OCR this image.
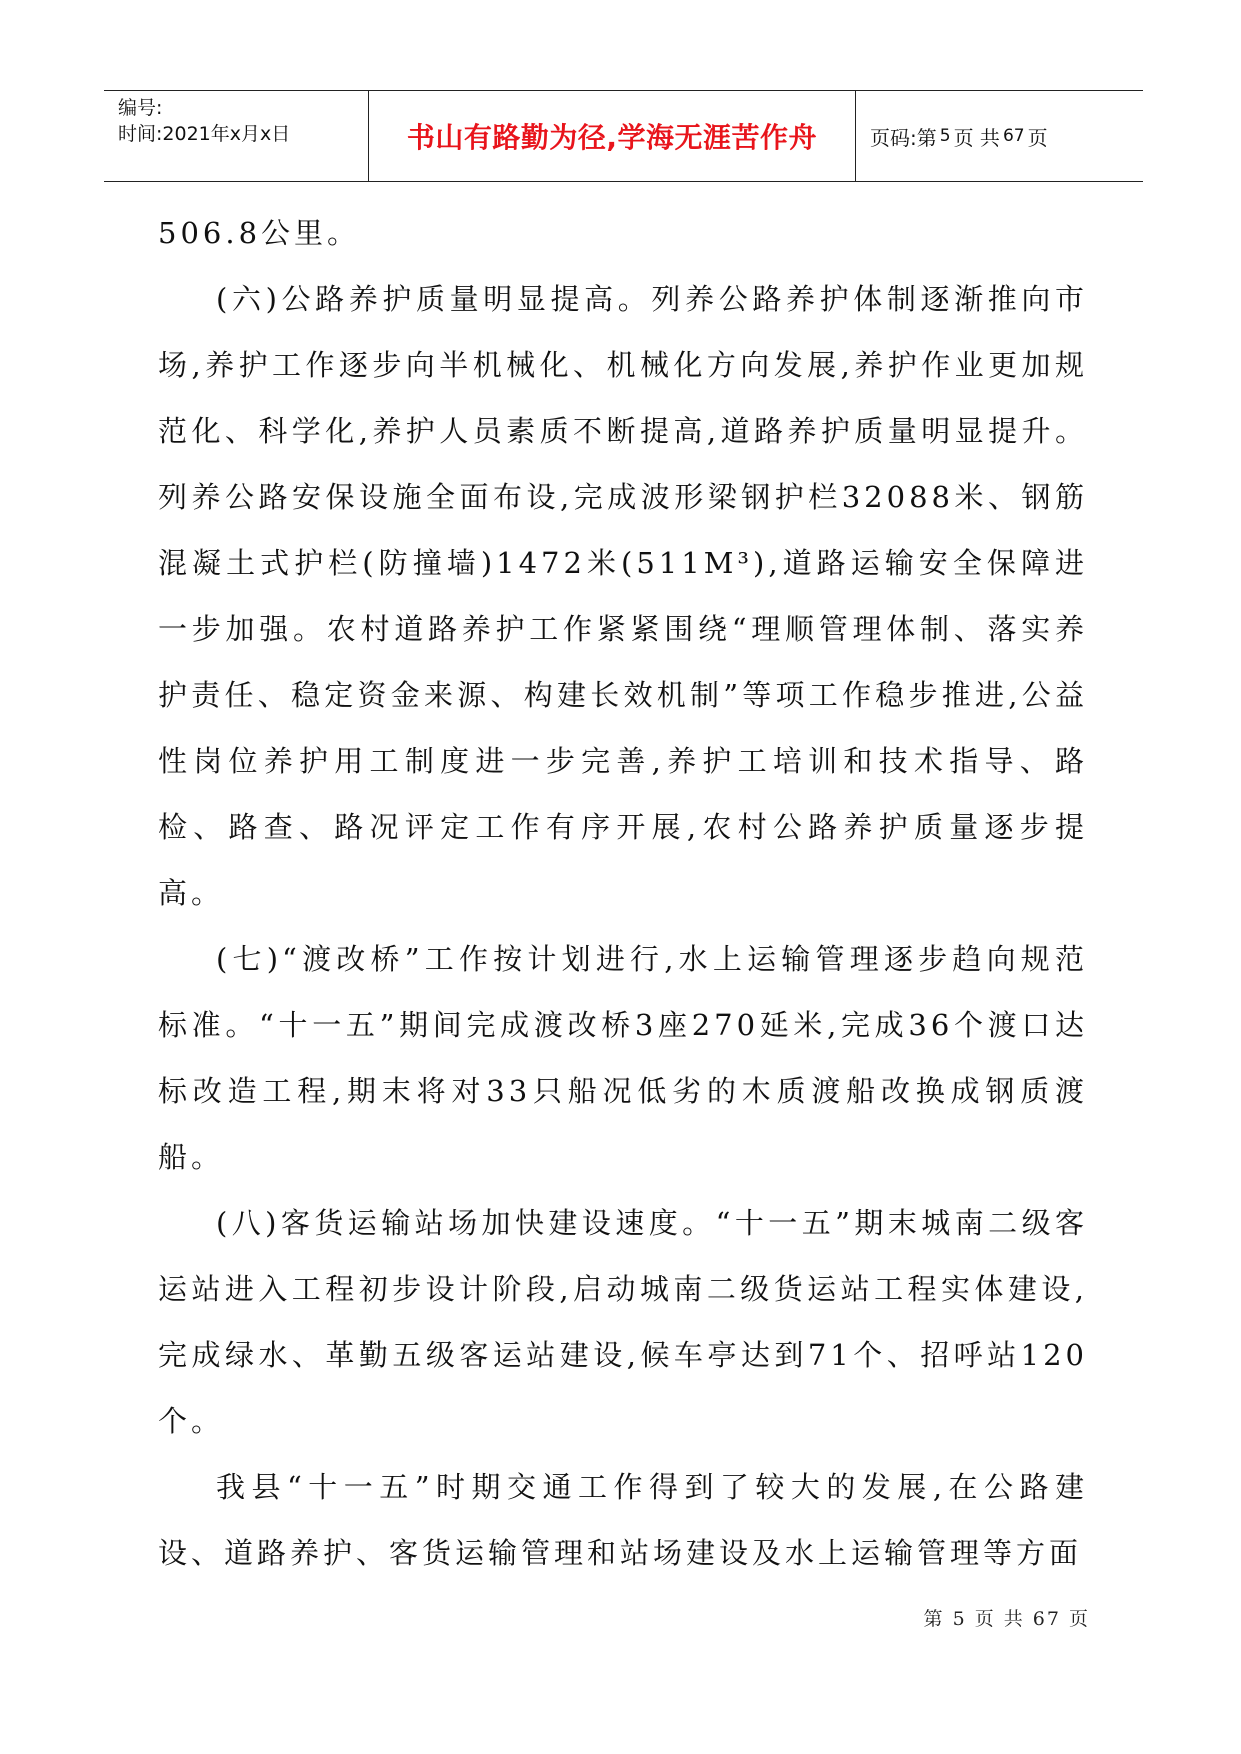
编号:
时间:2021年x月x日	书山有路勤为径,学海无涯苦作舟	页码:第 5 页 共 67 页

506.8公里。

(六)公路养护质量明显提高。列养公路养护体制逐渐推向市场,养护工作逐步向半机械化、机械化方向发展,养护作业更加规范化、科学化,养护人员素质不断提高,道路养护质量明显提升。列养公路安保设施全面布设,完成波形梁钢护栏32088米、钢筋混凝土式护栏(防撞墙)1472米(511M³),道路运输安全保障进一步加强。农村道路养护工作紧紧围绕“理顺管理体制、落实养护责任、稳定资金来源、构建长效机制”等项工作稳步推进,公益性岗位养护用工制度进一步完善,养护工培训和技术指导、路检、路查、路况评定工作有序开展,农村公路养护质量逐步提高。

(七)“渡改桥”工作按计划进行,水上运输管理逐步趋向规范标准。“十一五”期间完成渡改桥3座270延米,完成36个渡口达标改造工程,期末将对33只船况低劣的木质渡船改换成钢质渡船。

(八)客货运输站场加快建设速度。“十一五”期末城南二级客运站进入工程初步设计阶段,启动城南二级货运站工程实体建设,完成绿水、革勤五级客运站建设,候车亭达到71个、招呼站120个。

我县“十一五”时期交通工作得到了较大的发展,在公路建设、道路养护、客货运输管理和站场建设及水上运输管理等方面

第 5 页 共 67 页
